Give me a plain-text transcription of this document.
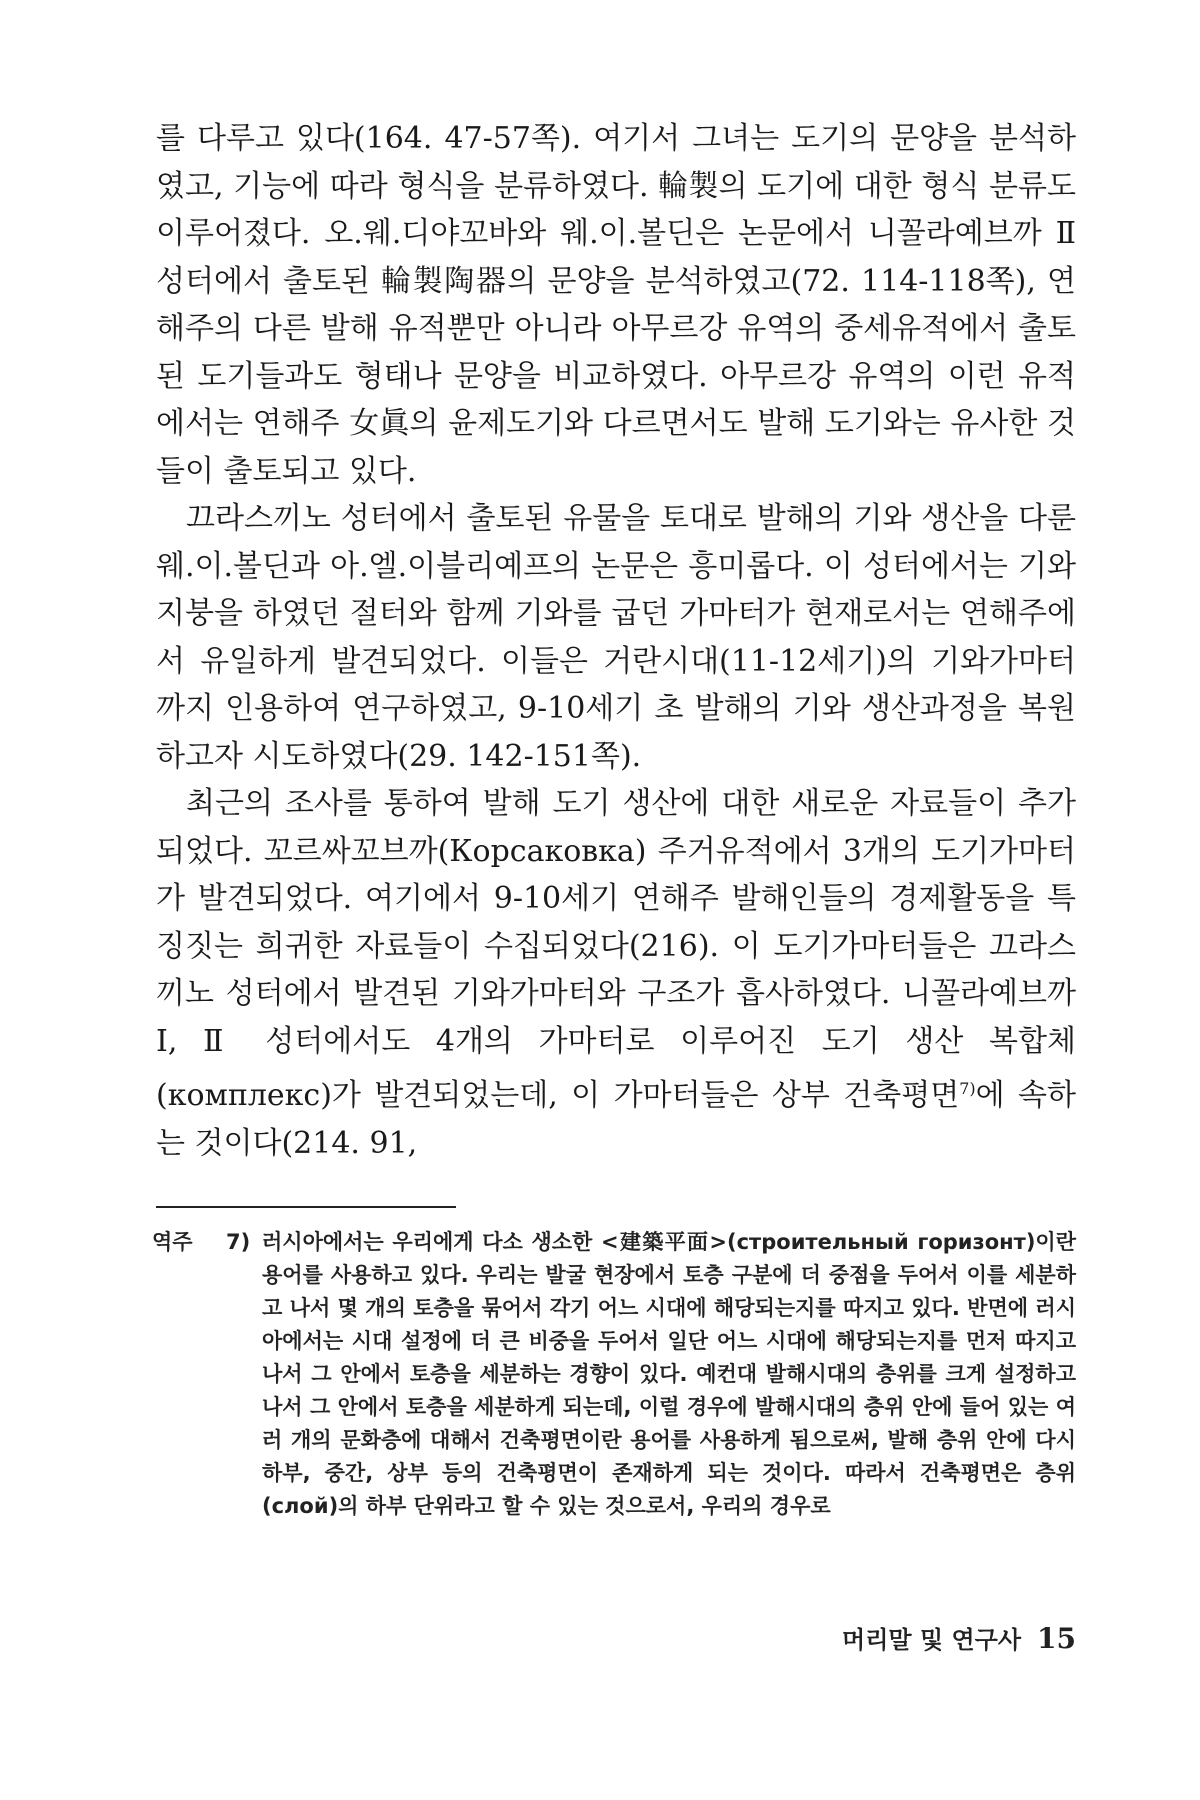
를 다루고 있다(164. 47-57쪽). 여기서 그녀는 도기의 문양을 분석하였고, 기능에 따라 형식을 분류하였다. 輪製의 도기에 대한 형식 분류도 이루어졌다. 오.웨.디야꼬바와 웨.이.볼딘은 논문에서 니꼴라예브까 Ⅱ 성터에서 출토된 輪製陶器의 문양을 분석하였고(72. 114-118쪽), 연해주의 다른 발해 유적뿐만 아니라 아무르강 유역의 중세유적에서 출토된 도기들과도 형태나 문양을 비교하였다. 아무르강 유역의 이런 유적에서는 연해주 女眞의 윤제도기와 다르면서도 발해 도기와는 유사한 것들이 출토되고 있다.

끄라스끼노 성터에서 출토된 유물을 토대로 발해의 기와 생산을 다룬 웨.이.볼딘과 아.엘.이블리예프의 논문은 흥미롭다. 이 성터에서는 기와 지붕을 하였던 절터와 함께 기와를 굽던 가마터가 현재로서는 연해주에서 유일하게 발견되었다. 이들은 거란시대(11-12세기)의 기와가마터까지 인용하여 연구하였고, 9-10세기 초 발해의 기와 생산과정을 복원하고자 시도하였다(29. 142-151쪽).

최근의 조사를 통하여 발해 도기 생산에 대한 새로운 자료들이 추가되었다. 꼬르싸꼬브까(Корсаковка) 주거유적에서 3개의 도기가마터가 발견되었다. 여기에서 9-10세기 연해주 발해인들의 경제활동을 특징짓는 희귀한 자료들이 수집되었다(216). 이 도기가마터들은 끄라스끼노 성터에서 발견된 기와가마터와 구조가 흡사하였다. 니꼴라예브까 I, Ⅱ 성터에서도 4개의 가마터로 이루어진 도기 생산 복합체(комплекс)가 발견되었는데, 이 가마터들은 상부 건축평면$^{7)}$에 속하는 것이다(214. 91,

역주	7) 러시아에서는 우리에게 다소 생소한 <建築平面>(строительный горизонт)이란 용어를 사용하고 있다. 우리는 발굴 현장에서 토층 구분에 더 중점을 두어서 이를 세분하고 나서 몇 개의 토층을 묶어서 각기 어느 시대에 해당되는지를 따지고 있다. 반면에 러시아에서는 시대 설정에 더 큰 비중을 두어서 일단 어느 시대에 해당되는지를 먼저 따지고 나서 그 안에서 토층을 세분하는 경향이 있다. 예컨대 발해시대의 층위를 크게 설정하고 나서 그 안에서 토층을 세분하게 되는데, 이럴 경우에 발해시대의 층위 안에 들어 있는 여러 개의 문화층에 대해서 건축평면이란 용어를 사용하게 됨으로써, 발해 층위 안에 다시 하부, 중간, 상부 등의 건축평면이 존재하게 되는 것이다. 따라서 건축평면은 층위(слой)의 하부 단위라고 할 수 있는 것으로서, 우리의 경우로

머리말 및 연구사 15
